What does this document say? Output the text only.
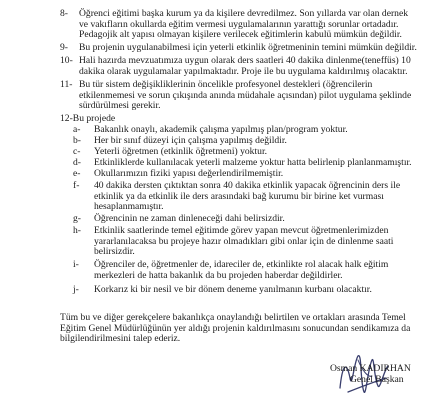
8- Öğrenci eğitimi başka kurum ya da kişilere devredilmez. Son yıllarda var olan dernek
ve vakıfların okullarda eğitim vermesi uygulamalarının yarattığı sorunlar ortadadır.
Pedagojik alt yapısı olmayan kişilere verilecek eğitimlerin kabulü mümkün değildir.
9- Bu projenin uygulanabilmesi için yeterli etkinlik öğretmeninin temini mümkün değildir.
10- Hali hazırda mevzuatımıza uygun olarak ders saatleri 40 dakika dinlenme(teneffüs) 10
dakika olarak uygulamalar yapılmaktadır. Proje ile bu uygulama kaldırılmış olacaktır.
11- Bu tür sistem değişikliklerinin öncelikle profesyonel destekleri (öğrencilerin
etkilenmemesi ve sorun çıkışında anında müdahale açısından) pilot uygulama şeklinde
sürdürülmesi gerekir.
12-Bu projede
a- Bakanlık onaylı, akademik çalışma yapılmış plan/program yoktur.
b- Her bir sınıf düzeyi için çalışma yapılmış değildir.
c- Yeterli öğretmen (etkinlik öğretmeni) yoktur.
d- Etkinliklerde kullanılacak yeterli malzeme yoktur hatta belirlenip planlanmamıştır.
e- Okullarımızın fiziki yapısı değerlendirilmemiştir.
f- 40 dakika dersten çıktıktan sonra 40 dakika etkinlik yapacak öğrencinin ders ile
etkinlik ya da etkinlik ile ders arasındaki bağ kurumu bir birine ket vurması
hesaplanmamıştır.
g- Öğrencinin ne zaman dinleneceği dahi belirsizdir.
h- Etkinlik saatlerinde temel eğitimde görev yapan mevcut öğretmenlerimizden
yararlanılacaksa bu projeye hazır olmadıkları gibi onlar için de dinlenme saati
belirsizdir.
i- Öğrenciler de, öğretmenler de, idareciler de, etkinlikte rol alacak halk eğitim
merkezleri de hatta bakanlık da bu projeden haberdar değildirler.
j- Korkarız ki bir nesil ve bir dönem deneme yanılmanın kurbanı olacaktır.
Tüm bu ve diğer gerekçelere bakanlıkça onaylandığı belirtilen ve ortakları arasında Temel
Eğitim Genel Müdürlüğünün yer aldığı projenin kaldırılmasını sonucundan sendikamıza da
bilgilendirilmesini talep ederiz.
Osman KADIRHAN
Genel Başkan
